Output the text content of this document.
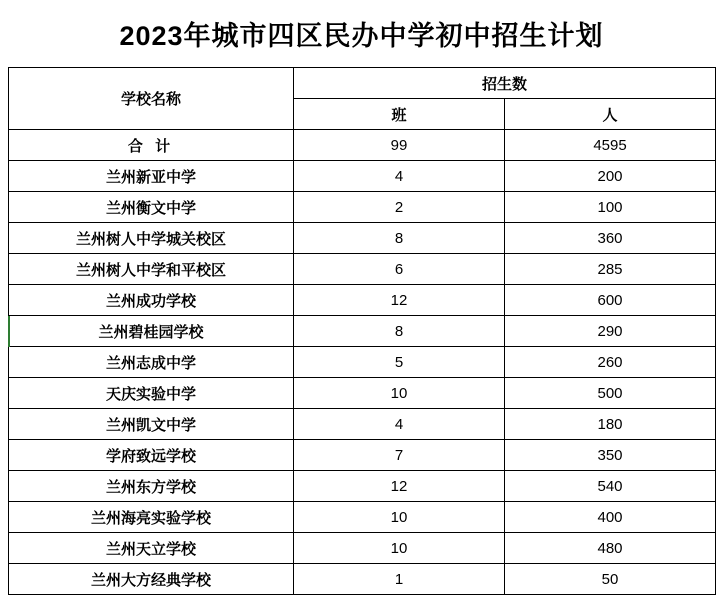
2023年城市四区民办中学初中招生计划
学校名称	招生数	
	班	人
合 计	99	4595
兰州新亚中学	4	200
兰州衡文中学	2	100
兰州树人中学城关校区	8	360
兰州树人中学和平校区	6	285
兰州成功学校	12	600
兰州碧桂园学校	8	290
兰州志成中学	5	260
天庆实验中学	10	500
兰州凯文中学	4	180
学府致远学校	7	350
兰州东方学校	12	540
兰州海亮实验学校	10	400
兰州天立学校	10	480
兰州大方经典学校	1	50
